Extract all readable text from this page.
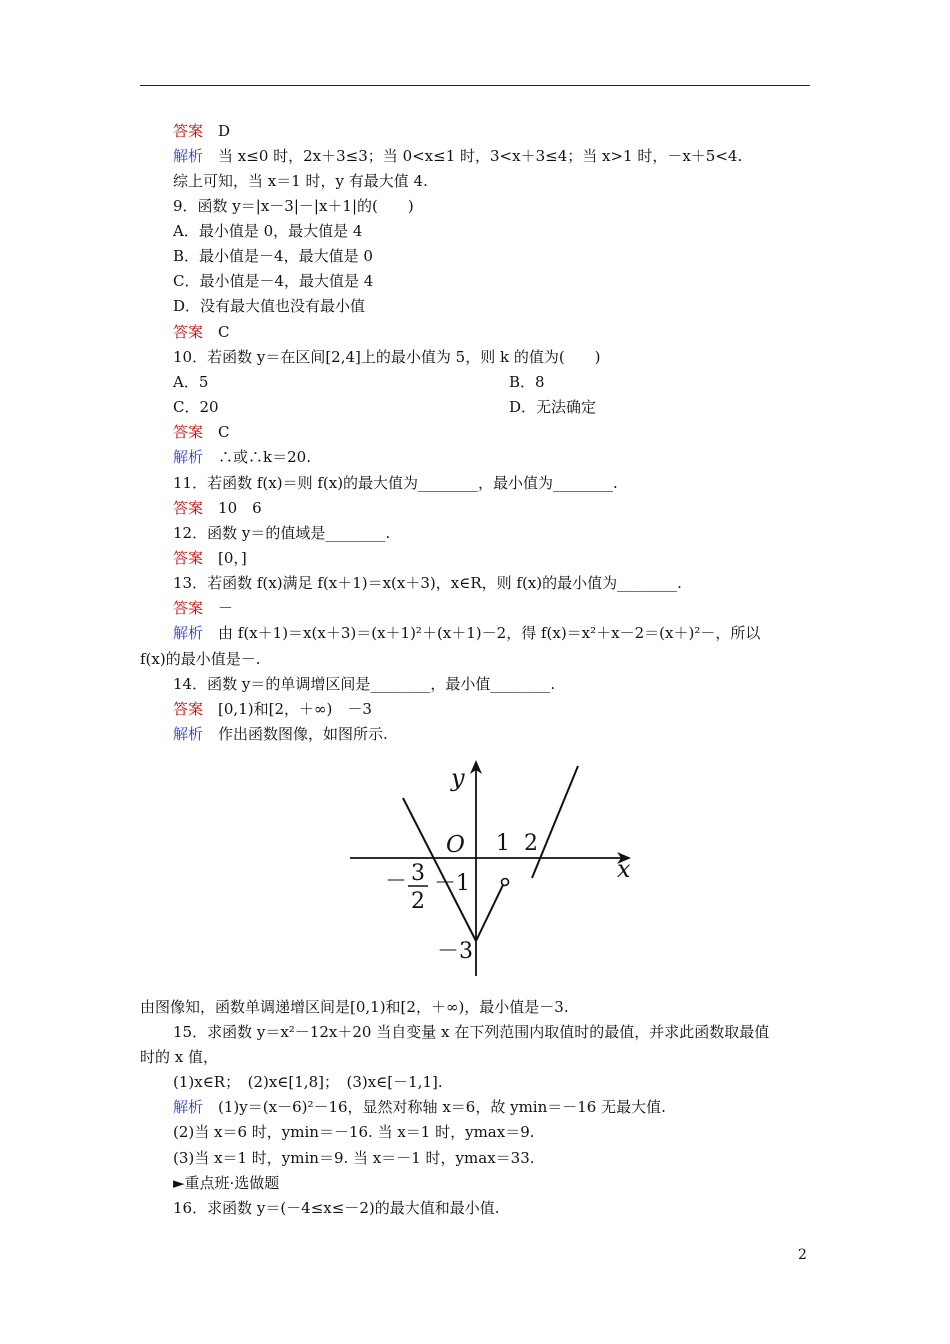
答案　 D
解析　 当 x≤0 时，2x＋3≤3；当 0<x≤1 时，3<x＋3≤4；当 x>1 时，－x＋5<4.
综上可知，当 x＝1 时，y 有最大值 4.
9．函数 y＝|x－3|－|x＋1|的(　　)
A．最小值是 0，最大值是 4
B．最小值是－4，最大值是 0
C．最小值是－4，最大值是 4
D．没有最大值也没有最小值
答案　 C
10．若函数 y＝在区间[2,4]上的最小值为 5，则 k 的值为(　　)
A．5	B．8
C．20	D．无法确定
答案　 C
解析　 ∴或∴k＝20.
11．若函数 f(x)＝则 f(x)的最大值为________，最小值为________.
答案　 10　6
12．函数 y＝的值域是________.
答案　 [0，]
13．若函数 f(x)满足 f(x＋1)＝x(x＋3)，x∈R，则 f(x)的最小值为________.
答案　 －
解析　 由 f(x＋1)＝x(x＋3)＝(x＋1)²＋(x＋1)－2，得 f(x)＝x²＋x－2＝(x＋)²－，所以
f(x)的最小值是－.
14．函数 y＝的单调增区间是________，最小值________.
答案　 [0,1)和[2，＋∞)　－3
解析　 作出函数图像，如图所示.
y
x
O 1 2
－ 3
2
－1
－3
由图像知，函数单调递增区间是[0,1)和[2，＋∞)，最小值是－3.
15．求函数 y＝x²－12x＋20 当自变量 x 在下列范围内取值时的最值，并求此函数取最值
时的 x 值，
(1)x∈R；　(2)x∈[1,8]；　(3)x∈[－1,1].
解析　 (1)y＝(x－6)²－16，显然对称轴 x＝6，故 ymin＝－16 无最大值.
(2)当 x＝6 时，ymin＝－16. 当 x＝1 时，ymax＝9.
(3)当 x＝1 时，ymin＝9. 当 x＝－1 时，ymax＝33.
►重点班·选做题
16．求函数 y＝(－4≤x≤－2)的最大值和最小值.
2
